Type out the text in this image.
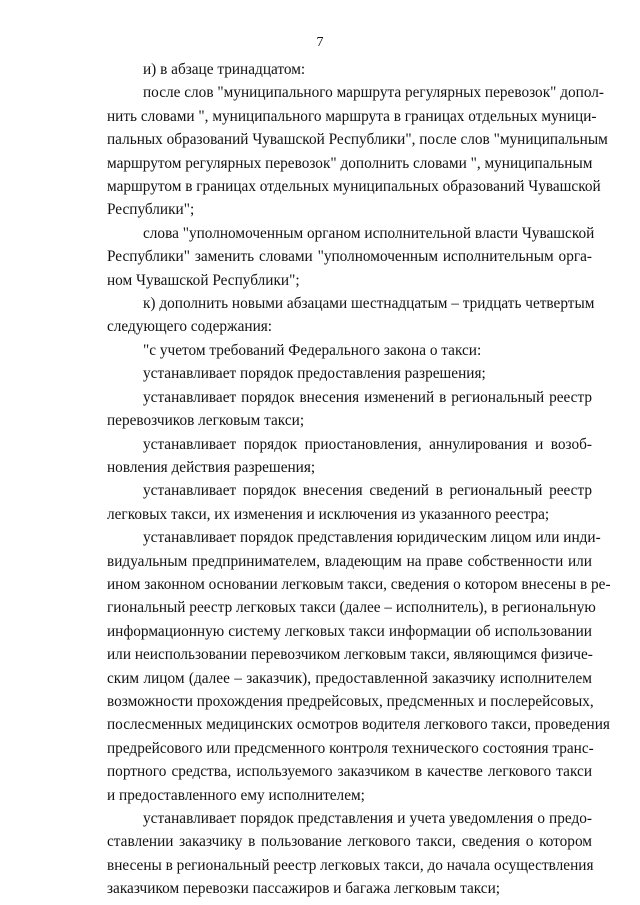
7
и) в абзаце тринадцатом:
после слов "муниципального маршрута регулярных перевозок" допол-
нить словами ", муниципального маршрута в границах отдельных муници-
пальных образований Чувашской Республики", после слов "муниципальным
маршрутом регулярных перевозок" дополнить словами ", муниципальным
маршрутом в границах отдельных муниципальных образований Чувашской
Республики";
слова "уполномоченным органом исполнительной власти Чувашской
Республики" заменить словами "уполномоченным исполнительным орга-
ном Чувашской Республики";
к) дополнить новыми абзацами шестнадцатым – тридцать четвертым
следующего содержания:
"с учетом требований Федерального закона о такси:
устанавливает порядок предоставления разрешения;
устанавливает порядок внесения изменений в региональный реестр
перевозчиков легковым такси;
устанавливает порядок приостановления, аннулирования и возоб-
новления действия разрешения;
устанавливает порядок внесения сведений в региональный реестр
легковых такси, их изменения и исключения из указанного реестра;
устанавливает порядок представления юридическим лицом или инди-
видуальным предпринимателем, владеющим на праве собственности или
ином законном основании легковым такси, сведения о котором внесены в ре-
гиональный реестр легковых такси (далее – исполнитель), в региональную
информационную систему легковых такси информации об использовании
или неиспользовании перевозчиком легковым такси, являющимся физиче-
ским лицом (далее – заказчик), предоставленной заказчику исполнителем
возможности прохождения предрейсовых, предсменных и послерейсовых,
послесменных медицинских осмотров водителя легкового такси, проведения
предрейсового или предсменного контроля технического состояния транс-
портного средства, используемого заказчиком в качестве легкового такси
и предоставленного ему исполнителем;
устанавливает порядок представления и учета уведомления о предо-
ставлении заказчику в пользование легкового такси, сведения о котором
внесены в региональный реестр легковых такси, до начала осуществления
заказчиком перевозки пассажиров и багажа легковым такси;
